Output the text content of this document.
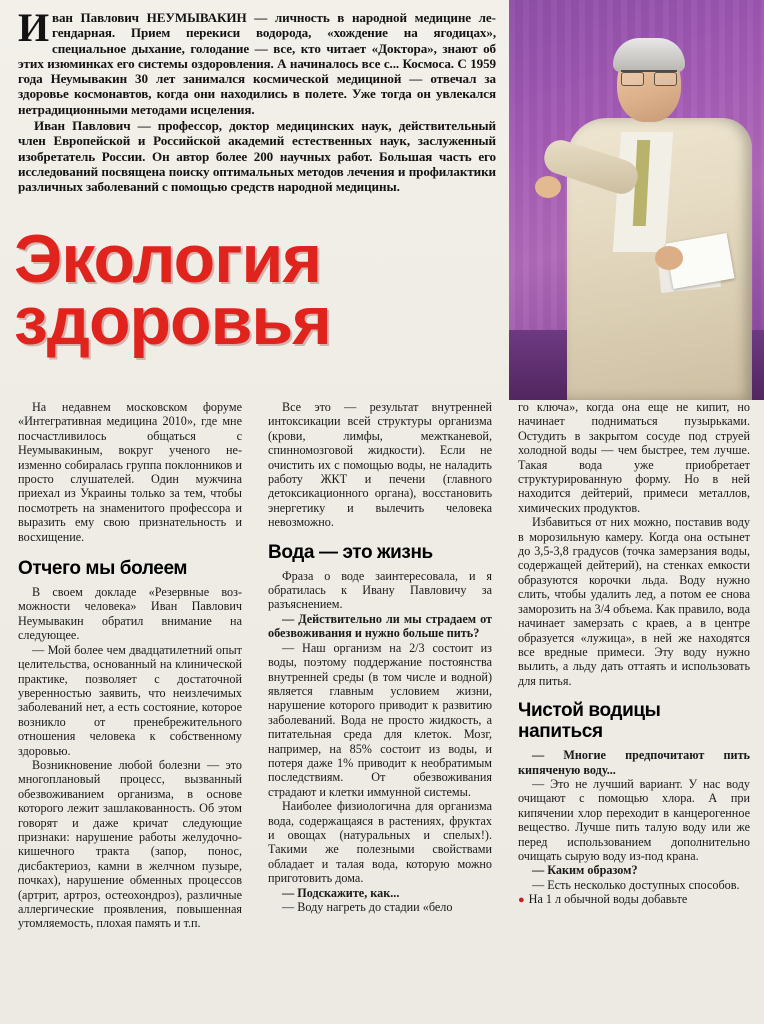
Иван Павлович НЕУМЫВАКИН — личность в народной медицине легендарная. Прием перекиси водорода, «хождение на ягодицах», специальное дыхание, голодание — все, кто читает «Доктора», знают об этих изюминках его системы оздоровления. А начиналось все с... Космоса. С 1959 года Неумывакин 30 лет занимался космической медициной — отвечал за здоровье космонавтов, когда они находились в полете. Уже тогда он увлекался нетрадиционными методами исцеления.

Иван Павлович — профессор, доктор медицинских наук, действительный член Европейской и Российской академий естественных наук, заслуженный изобретатель России. Он автор более 200 научных работ. Большая часть его исследований посвящена поиску оптимальных методов лечения и профилактики различных заболеваний с помощью средств народной медицины.

Экология
здоровья

На недавнем московском форуме «Интегративная медицина 2010», где мне посчастливилось общаться с Неумывакиным, вокруг ученого неизменно собиралась группа поклонников и просто слушателей. Один мужчина приехал из Украины только за тем, чтобы посмотреть на знаменитого профессора и выразить ему свою признательность и восхищение.

Отчего мы болеем

В своем докладе «Резервные возможности человека» Иван Павлович Неумывакин обратил внимание на следующее.

— Мой более чем двадцатилетний опыт целительства, основанный на клинической практике, позволяет с достаточной уверенностью заявить, что неизлечимых заболеваний нет, а есть состояние, которое возникло от пренебрежительного отношения человека к собственному здоровью.

Возникновение любой болезни — это многоплановый процесс, вызванный обезвоживанием организма, в основе которого лежит зашлакованность. Об этом говорят и даже кричат следующие признаки: нарушение работы желудочно-кишечного тракта (запор, понос, дисбактериоз, камни в желчном пузыре, почках), нарушение обменных процессов (артрит, артроз, остеохондроз), различные аллергические проявления, повышенная утомляемость, плохая память и т.п.

Все это — результат внутренней интоксикации всей структуры организма (крови, лимфы, межтканевой, спинномозговой жидкости). Если не очистить их с помощью воды, не наладить работу ЖКТ и печени (главного детоксикационного органа), восстановить энергетику и вылечить человека невозможно.

Вода — это жизнь

Фраза о воде заинтересовала, и я обратилась к Ивану Павловичу за разъяснением.

— Действительно ли мы страдаем от обезвоживания и нужно больше пить?

— Наш организм на 2/3 состоит из воды, поэтому поддержание постоянства внутренней среды (в том числе и водной) является главным условием жизни, нарушение которого приводит к развитию заболеваний. Вода не просто жидкость, а питательная среда для клеток. Мозг, например, на 85% состоит из воды, и потеря даже 1% приводит к необратимым последствиям. От обезвоживания страдают и клетки иммунной системы.

Наиболее физиологична для организма вода, содержащаяся в растениях, фруктах и овощах (натуральных и спелых!). Такими же полезными свойствами обладает и талая вода, которую можно приготовить дома.

— Подскажите, как...

— Воду нагреть до стадии «бело

го ключа», когда она еще не кипит, но начинает подниматься пузырьками. Остудить в закрытом сосуде под струей холодной воды — чем быстрее, тем лучше. Такая вода уже приобретает структурированную форму. Но в ней находится дейтерий, примеси металлов, химических продуктов.

Избавиться от них можно, поставив воду в морозильную камеру. Когда она остынет до 3,5-3,8 градусов (точка замерзания воды, содержащей дейтерий), на стенках емкости образуются корочки льда. Воду нужно слить, чтобы удалить лед, а потом ее снова заморозить на 3/4 объема. Как правило, вода начинает замерзать с краев, а в центре образуется «лужица», в ней же находятся все вредные примеси. Эту воду нужно вылить, а льду дать оттаять и использовать для питья.

Чистой водицы
напиться

— Многие предпочитают пить кипяченую воду...

— Это не лучший вариант. У нас воду очищают с помощью хлора. А при кипячении хлор переходит в канцерогенное вещество. Лучше пить талую воду или же перед использованием дополнительно очищать сырую воду из-под крана.

— Каким образом?

— Есть несколько доступных способов.

● На 1 л обычной воды добавьте
